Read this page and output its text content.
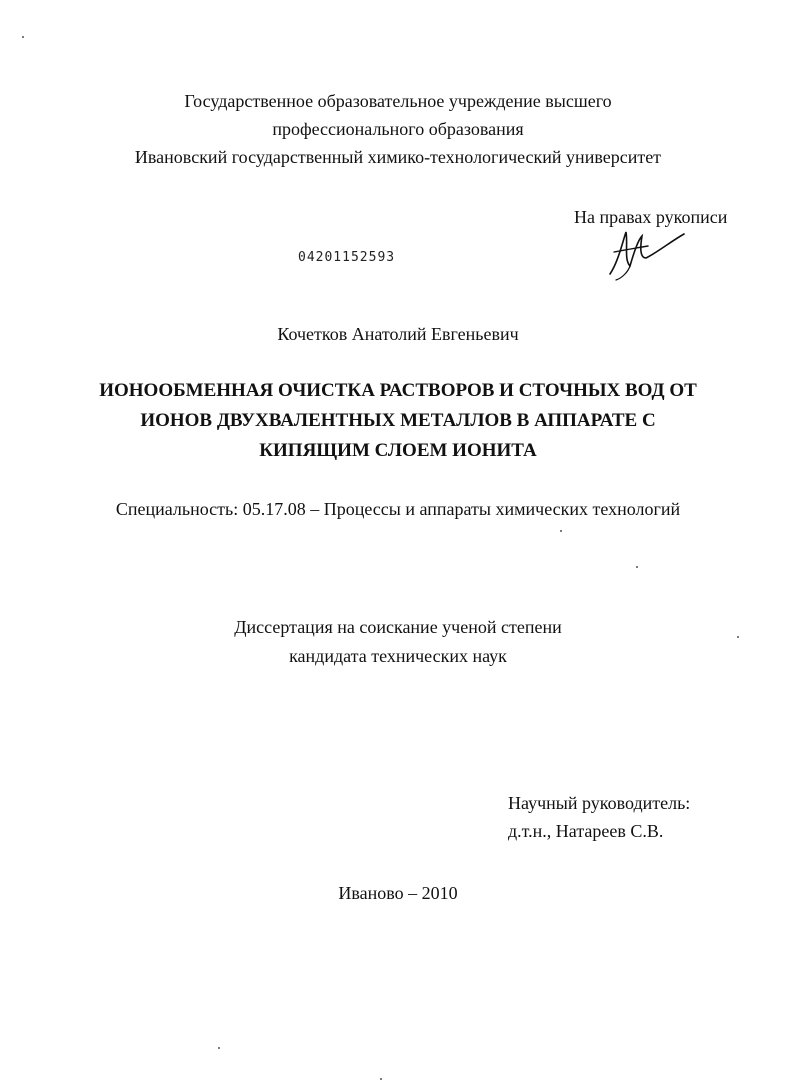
Государственное образовательное учреждение высшего
профессионального образования
Ивановский государственный химико-технологический университет
На правах рукописи
04201152593
Кочетков Анатолий Евгеньевич
ИОНООБМЕННАЯ ОЧИСТКА РАСТВОРОВ И СТОЧНЫХ ВОД ОТ
ИОНОВ ДВУХВАЛЕНТНЫХ МЕТАЛЛОВ В АППАРАТЕ С
КИПЯЩИМ СЛОЕМ ИОНИТА
Специальность: 05.17.08 – Процессы и аппараты химических технологий
Диссертация на соискание ученой степени
кандидата технических наук
Научный руководитель:
д.т.н., Натареев С.В.
Иваново – 2010
